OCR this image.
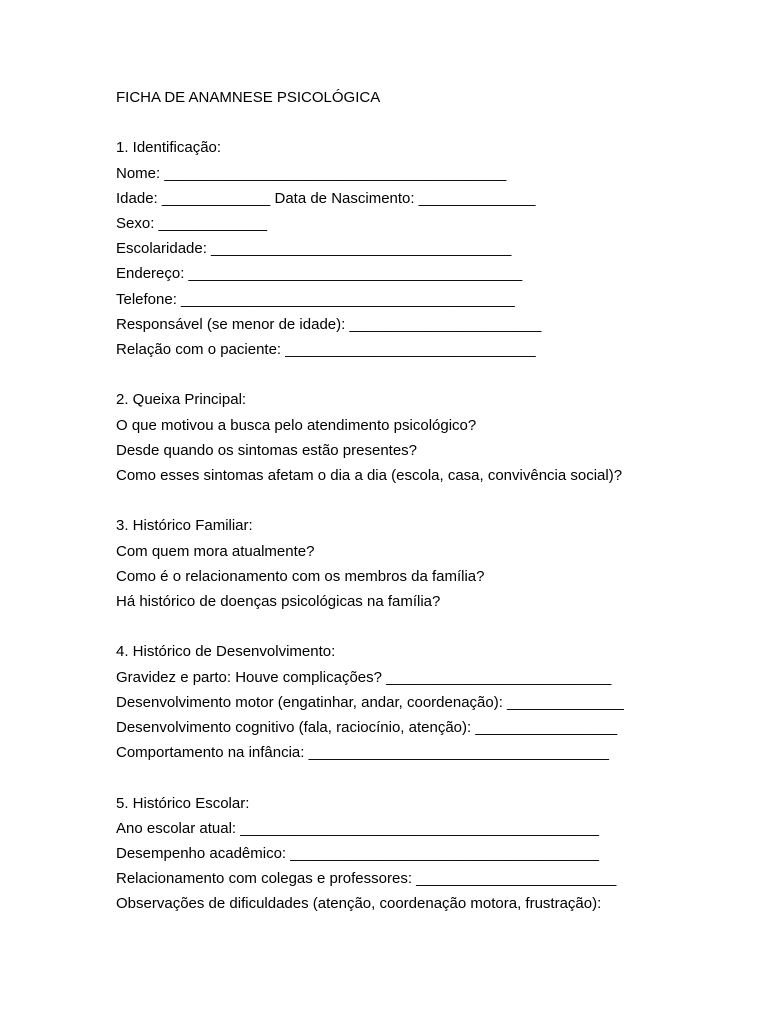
FICHA DE ANAMNESE PSICOLÓGICA

1. Identificação:

Nome: _________________________________________

Idade: _____________ Data de Nascimento: ______________

Sexo: _____________

Escolaridade: ____________________________________

Endereço: ________________________________________

Telefone: ________________________________________

Responsável (se menor de idade): _______________________

Relação com o paciente: ______________________________

2. Queixa Principal:

O que motivou a busca pelo atendimento psicológico?

Desde quando os sintomas estão presentes?

Como esses sintomas afetam o dia a dia (escola, casa, convivência social)?

3. Histórico Familiar:

Com quem mora atualmente?

Como é o relacionamento com os membros da família?

Há histórico de doenças psicológicas na família?

4. Histórico de Desenvolvimento:

Gravidez e parto: Houve complicações? ___________________________

Desenvolvimento motor (engatinhar, andar, coordenação): ______________

Desenvolvimento cognitivo (fala, raciocínio, atenção): _________________

Comportamento na infância: ____________________________________

5. Histórico Escolar:

Ano escolar atual: ___________________________________________

Desempenho acadêmico: _____________________________________

Relacionamento com colegas e professores: ________________________

Observações de dificuldades (atenção, coordenação motora, frustração):
